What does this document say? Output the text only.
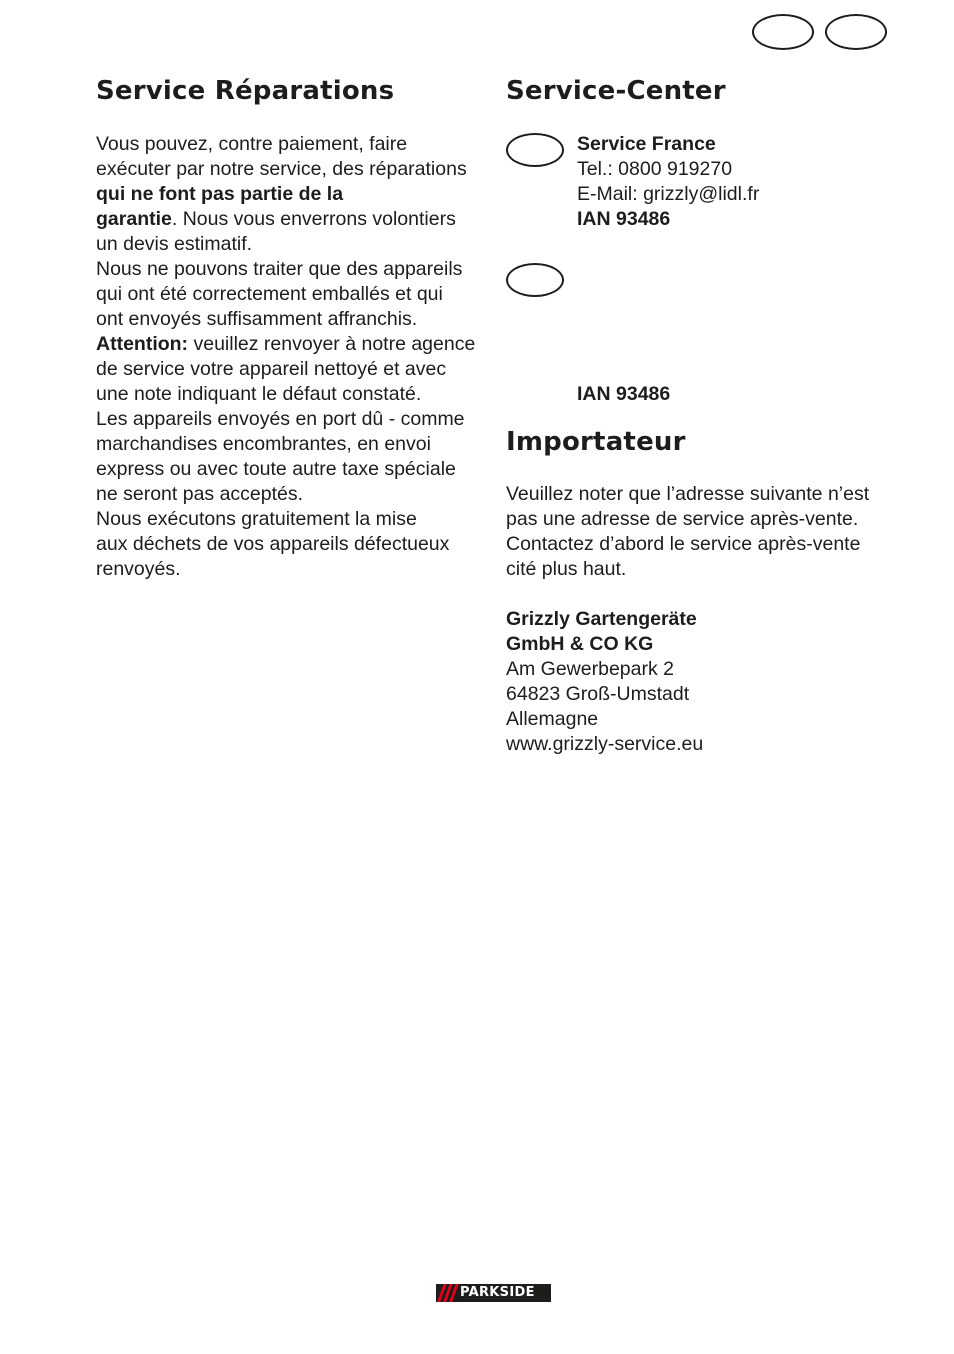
Service Réparations
Vous pouvez, contre paiement, faire
exécuter par notre service, des réparations
qui ne font pas partie de la
garantie. Nous vous enverrons volontiers
un devis estimatif.
Nous ne pouvons traiter que des appareils
qui ont été correctement emballés et qui
ont envoyés suffisamment affranchis.
Attention: veuillez renvoyer à notre agence
de service votre appareil nettoyé et avec
une note indiquant le défaut constaté.
Les appareils envoyés en port dû - comme
marchandises encombrantes, en envoi
express ou avec toute autre taxe spéciale
ne seront pas acceptés.
Nous exécutons gratuitement la mise
aux déchets de vos appareils défectueux
renvoyés.
Service-Center
Service France
Tel.: 0800 919270
E-Mail: grizzly@lidl.fr
IAN 93486
IAN 93486
Importateur
Veuillez noter que l’adresse suivante n’est
pas une adresse de service après-vente.
Contactez d’abord le service après-vente
cité plus haut.
Grizzly Gartengeräte
GmbH & CO KG
Am Gewerbepark 2
64823 Groß-Umstadt
Allemagne
www.grizzly-service.eu
PARKSIDE
